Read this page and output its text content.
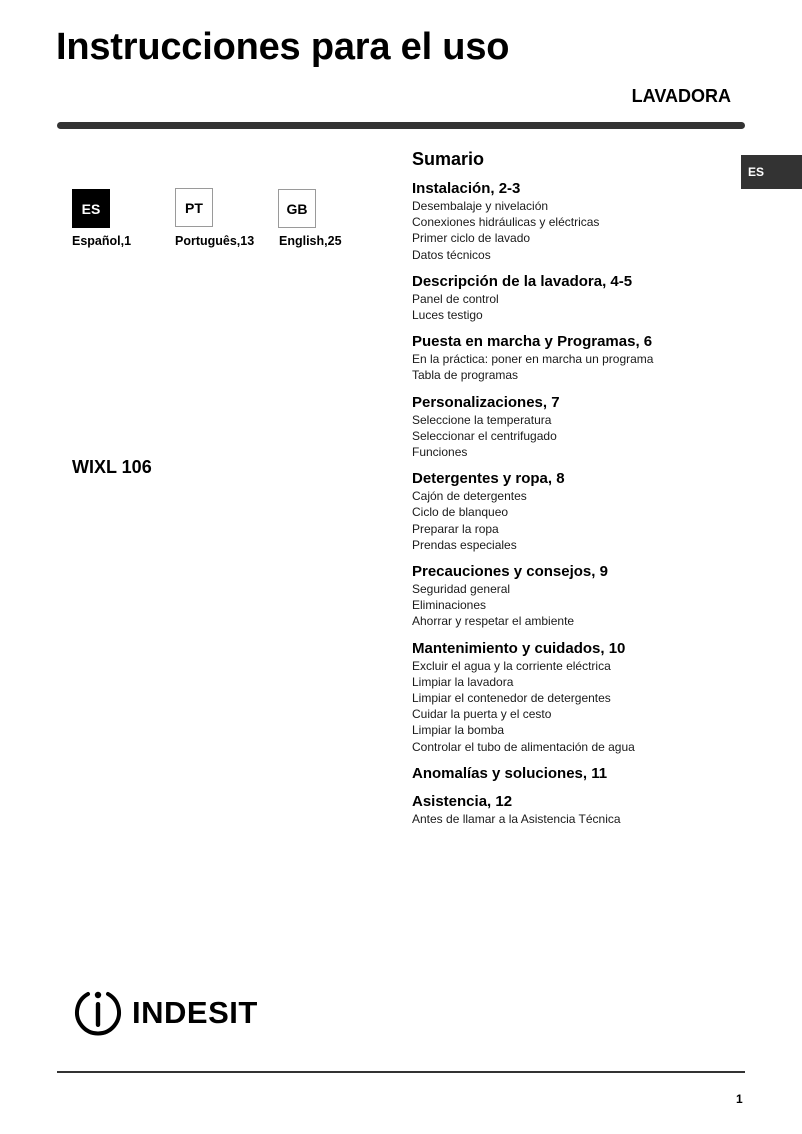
Instrucciones para el uso
LAVADORA
ES
ES	PT	GB
Español,1	Português,13 English,25
WIXL 106
Sumario
Instalación, 2-3
Desembalaje y nivelación
Conexiones hidráulicas y eléctricas
Primer ciclo de lavado
Datos técnicos
Descripción de la lavadora, 4-5
Panel de control
Luces testigo
Puesta en marcha y Programas, 6
En la práctica: poner en marcha un programa
Tabla de programas
Personalizaciones, 7
Seleccione la temperatura
Seleccionar el centrifugado
Funciones
Detergentes y ropa, 8
Cajón de detergentes
Ciclo de blanqueo
Preparar la ropa
Prendas especiales
Precauciones y consejos, 9
Seguridad general
Eliminaciones
Ahorrar y respetar el ambiente
Mantenimiento y cuidados, 10
Excluir el agua y la corriente eléctrica
Limpiar la lavadora
Limpiar el contenedor de detergentes
Cuidar la puerta y el cesto
Limpiar la bomba
Controlar el tubo de alimentación de agua
Anomalías y soluciones, 11
Asistencia, 12
Antes de llamar a la Asistencia Técnica
INDESIT
1
